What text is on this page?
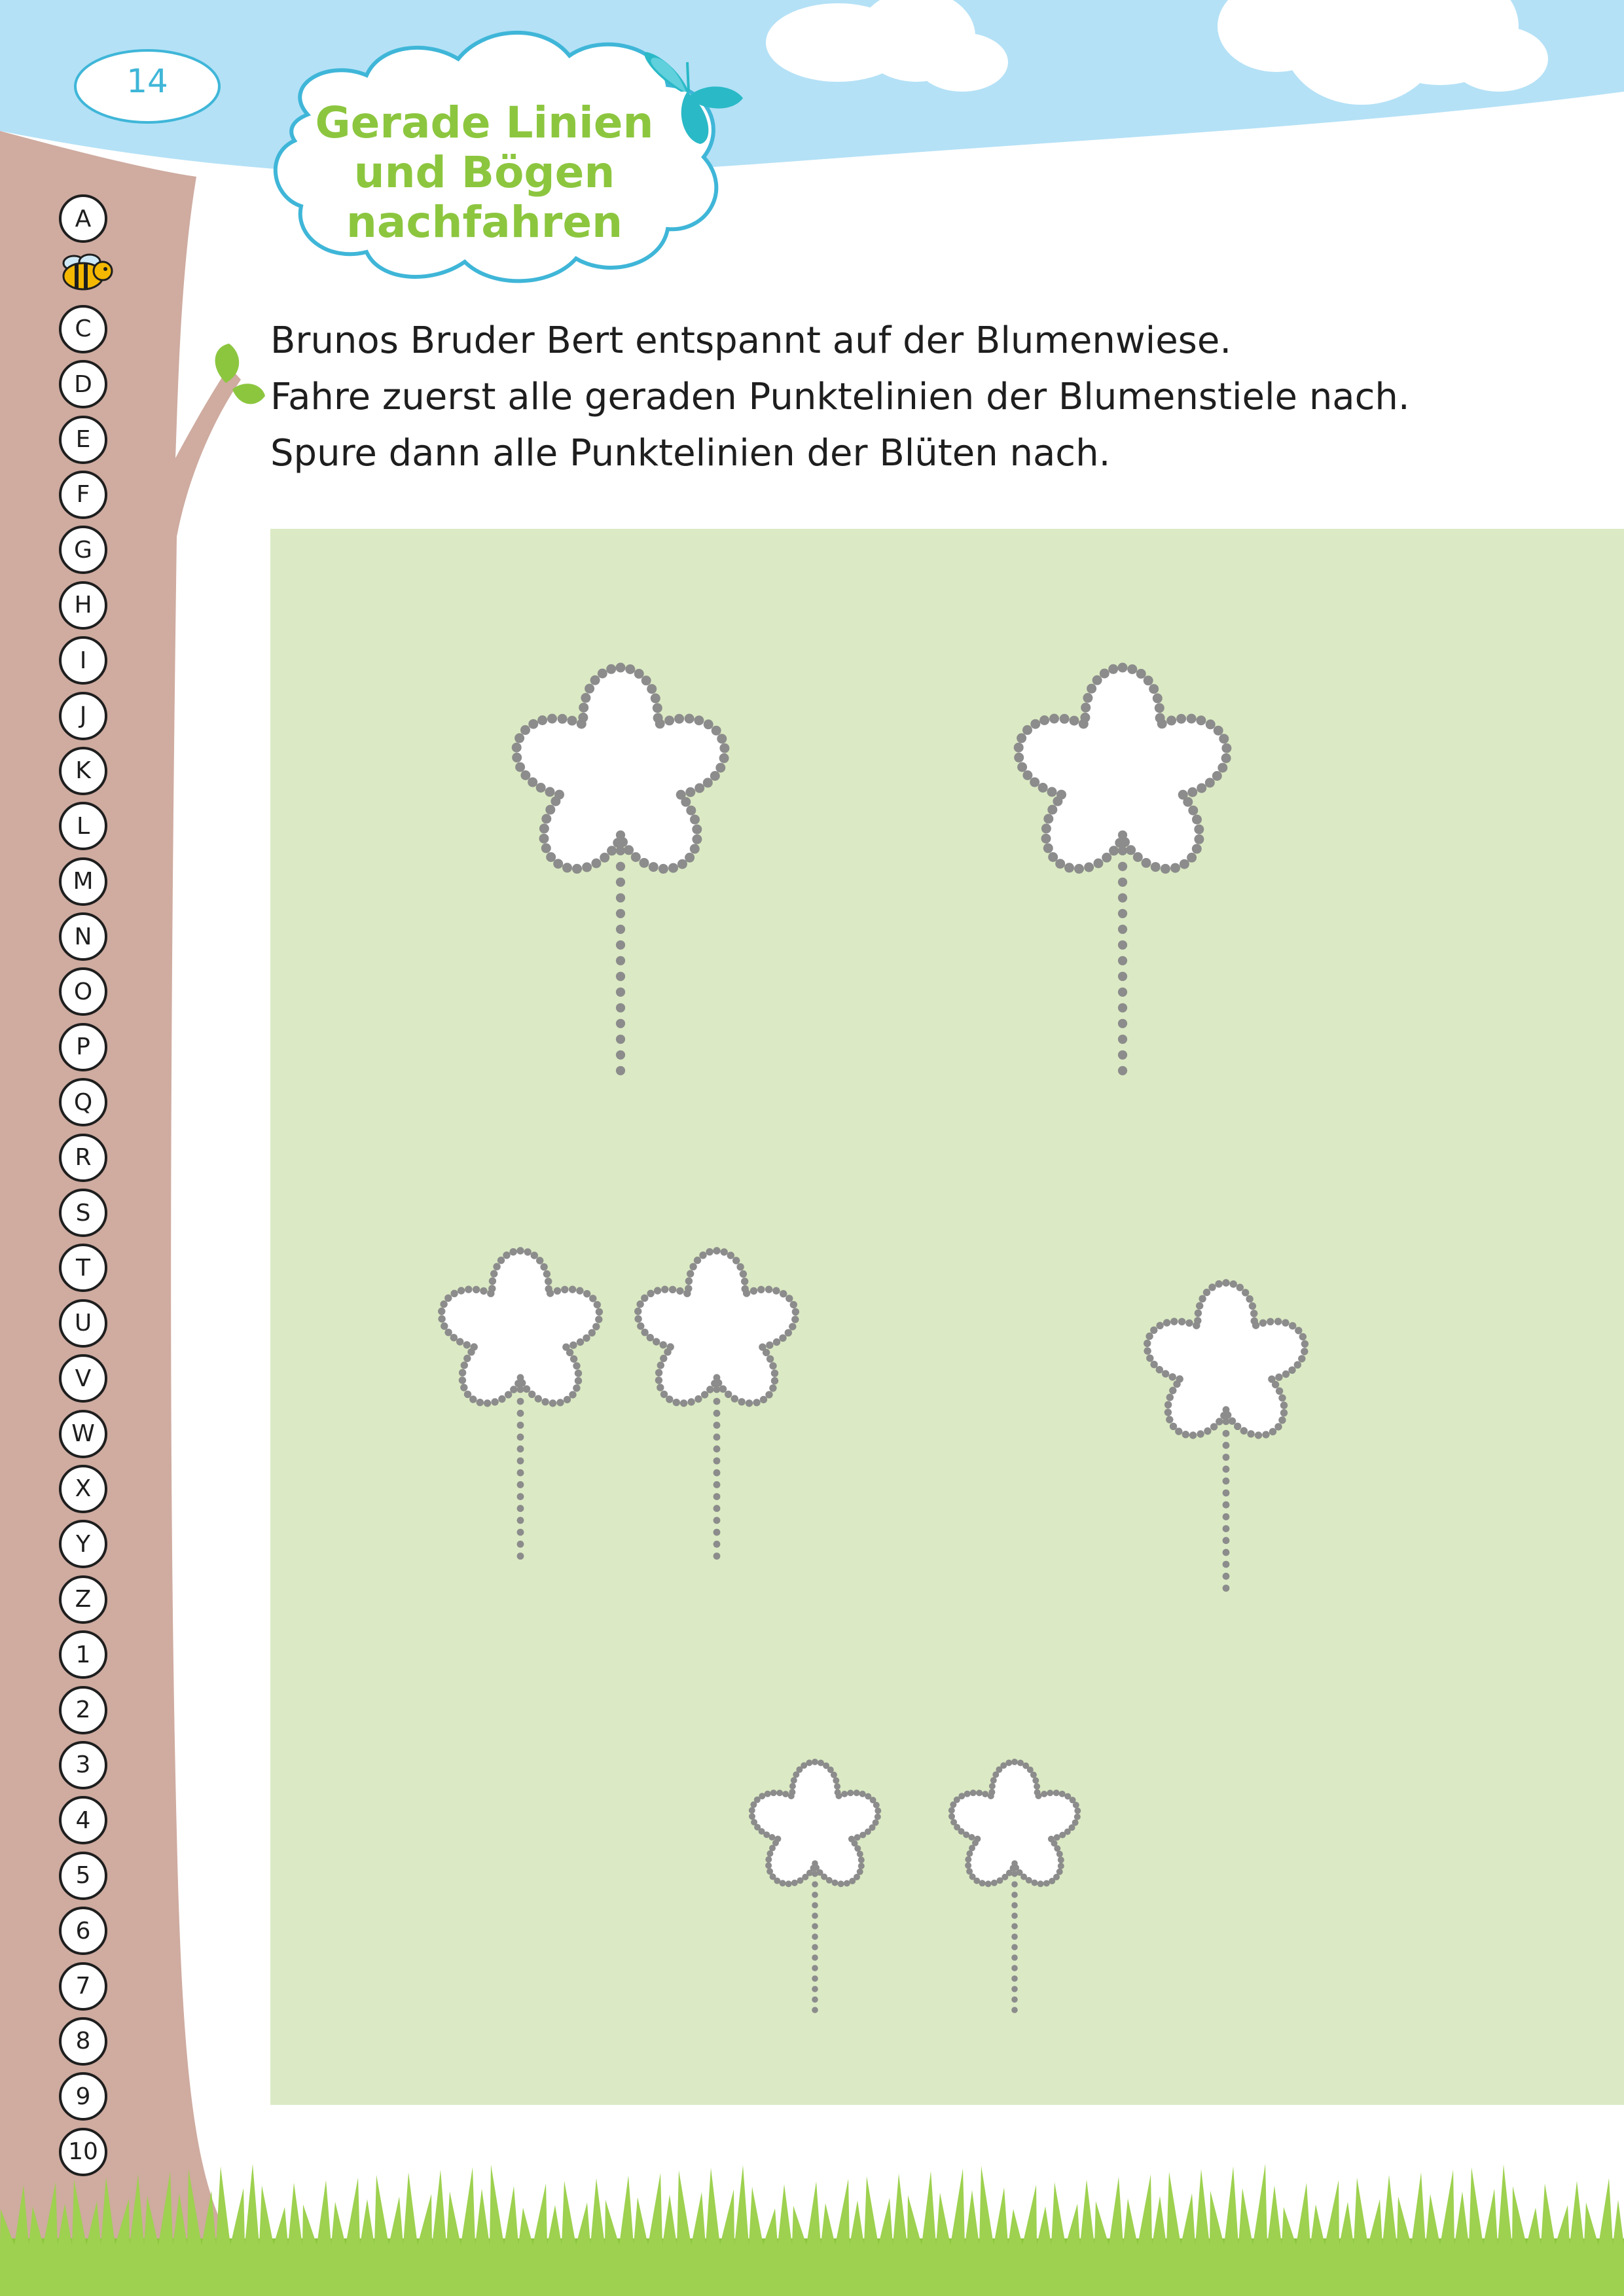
14
Gerade Linien
und Bögen
nachfahren
Brunos Bruder Bert entspannt auf der Blumenwiese.
Fahre zuerst alle geraden Punktelinien der Blumenstiele nach.
Spure dann alle Punktelinien der Blüten nach.
A
C
D
E
F
G
H
I
J
K
L
M
N
O
P
Q
R
S
T
U
V
W
X
Y
Z
1
2
3
4
5
6
7
8
9
10
